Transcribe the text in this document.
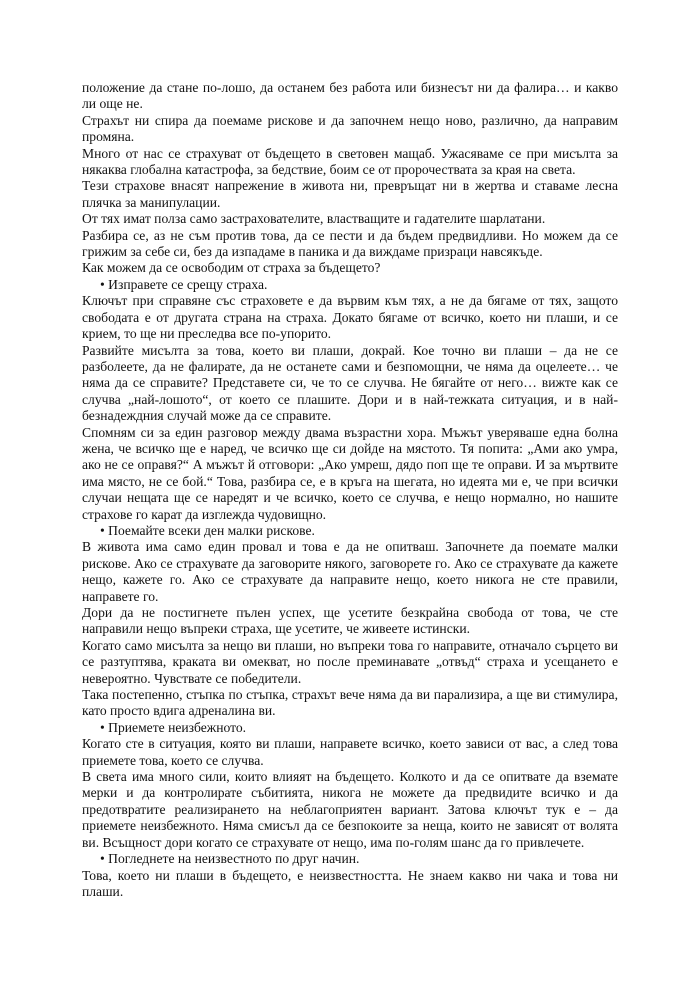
положение да стане по-лошо, да останем без работа или бизнесът ни да фалира… и какво ли още не.

Страхът ни спира да поемаме рискове и да започнем нещо ново, различно, да направим промяна.

Много от нас се страхуват от бъдещето в световен мащаб. Ужасяваме се при мисълта за някаква глобална катастрофа, за бедствие, боим се от пророчествата за края на света.

Тези страхове внасят напрежение в живота ни, превръщат ни в жертва и ставаме лесна плячка за манипулации.

От тях имат полза само застрахователите, властващите и гадателите шарлатани.

Разбира се, аз не съм против това, да се пести и да бъдем предвидливи. Но можем да се грижим за себе си, без да изпадаме в паника и да виждаме призраци навсякъде.

Как можем да се освободим от страха за бъдещето?

• Изправете се срещу страха.

Ключът при справяне със страховете е да вървим към тях, а не да бягаме от тях, защото свободата е от другата страна на страха. Докато бягаме от всичко, което ни плаши, и се крием, то ще ни преследва все по-упорито.

Развийте мисълта за това, което ви плаши, докрай. Кое точно ви плаши – да не се разболеете, да не фалирате, да не останете сами и безпомощни, че няма да оцелеете… че няма да се справите? Представете си, че то се случва. Не бягайте от него… вижте как се случва „най-лошото“, от което се плашите. Дори и в най-тежката ситуация, и в най-безнадеждния случай може да се справите.

Спомням си за един разговор между двама възрастни хора. Мъжът уверяваше една болна жена, че всичко ще е наред, че всичко ще си дойде на мястото. Тя попита: „Ами ако умра, ако не се оправя?“ А мъжът й отговори: „Ако умреш, дядо поп ще те оправи. И за мъртвите има място, не се бой.“ Това, разбира се, е в кръга на шегата, но идеята ми е, че при всички случаи нещата ще се наредят и че всичко, което се случва, е нещо нормално, но нашите страхове го карат да изглежда чудовищно.

• Поемайте всеки ден малки рискове.

В живота има само един провал и това е да не опитваш. Започнете да поемате малки рискове. Ако се страхувате да заговорите някого, заговорете го. Ако се страхувате да кажете нещо, кажете го. Ако се страхувате да направите нещо, което никога не сте правили, направете го.

Дори да не постигнете пълен успех, ще усетите безкрайна свобода от това, че сте направили нещо въпреки страха, ще усетите, че живеете истински.

Когато само мисълта за нещо ви плаши, но въпреки това го направите, отначало сърцето ви се разтуптява, краката ви омекват, но после преминавате „отвъд“ страха и усещането е невероятно. Чувствате се победители.

Така постепенно, стъпка по стъпка, страхът вече няма да ви парализира, а ще ви стимулира, като просто вдига адреналина ви.

• Приемете неизбежното.

Когато сте в ситуация, която ви плаши, направете всичко, което зависи от вас, а след това приемете това, което се случва.

В света има много сили, които влияят на бъдещето. Колкото и да се опитвате да вземате мерки и да контролирате събитията, никога не можете да предвидите всичко и да предотвратите реализирането на неблагоприятен вариант. Затова ключът тук е – да приемете неизбежното. Няма смисъл да се безпокоите за неща, които не зависят от волята ви. Всъщност дори когато се страхувате от нещо, има по-голям шанс да го привлечете.

• Погледнете на неизвестното по друг начин.

Това, което ни плаши в бъдещето, е неизвестността. Не знаем какво ни чака и това ни плаши.
